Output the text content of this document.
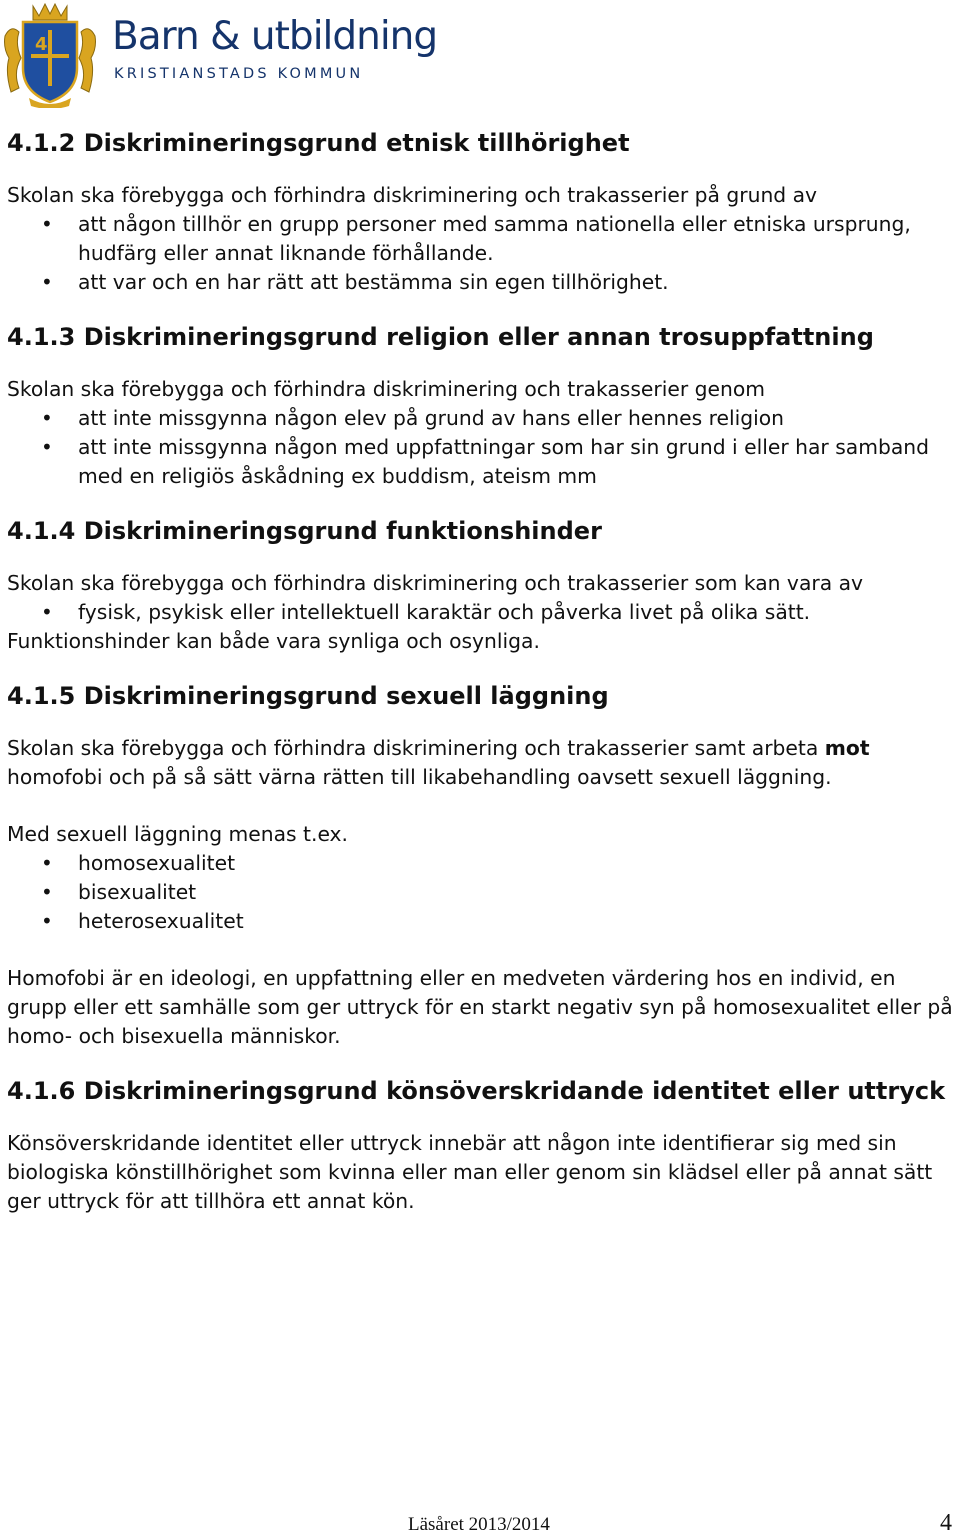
4 Barn & utbildning
KRISTIANSTADS KOMMUN
4.1.2 Diskrimineringsgrund etnisk tillhörighet

Skolan ska förebygga och förhindra diskriminering och trakasserier på grund av

• att någon tillhör en grupp personer med samma nationella eller etniska ursprung, hudfärg eller annat liknande förhållande.
• att var och en har rätt att bestämma sin egen tillhörighet.
4.1.3 Diskrimineringsgrund religion eller annan trosuppfattning

Skolan ska förebygga och förhindra diskriminering och trakasserier genom

• att inte missgynna någon elev på grund av hans eller hennes religion
• att inte missgynna någon med uppfattningar som har sin grund i eller har samband med en religiös åskådning ex buddism, ateism mm
4.1.4 Diskrimineringsgrund funktionshinder

Skolan ska förebygga och förhindra diskriminering och trakasserier som kan vara av

• fysisk, psykisk eller intellektuell karaktär och påverka livet på olika sätt.

Funktionshinder kan både vara synliga och osynliga.

4.1.5 Diskrimineringsgrund sexuell läggning

Skolan ska förebygga och förhindra diskriminering och trakasserier samt arbeta mot homofobi och på så sätt värna rätten till likabehandling oavsett sexuell läggning.

Med sexuell läggning menas t.ex.

• homosexualitet
• bisexualitet
• heterosexualitet

Homofobi är en ideologi, en uppfattning eller en medveten värdering hos en individ, en grupp eller ett samhälle som ger uttryck för en starkt negativ syn på homosexualitet eller på homo- och bisexuella människor.

4.1.6 Diskrimineringsgrund könsöverskridande identitet eller uttryck

Könsöverskridande identitet eller uttryck innebär att någon inte identifierar sig med sin biologiska könstillhörighet som kvinna eller man eller genom sin klädsel eller på annat sätt ger uttryck för att tillhöra ett annat kön.

Läsåret 2013/2014	4
